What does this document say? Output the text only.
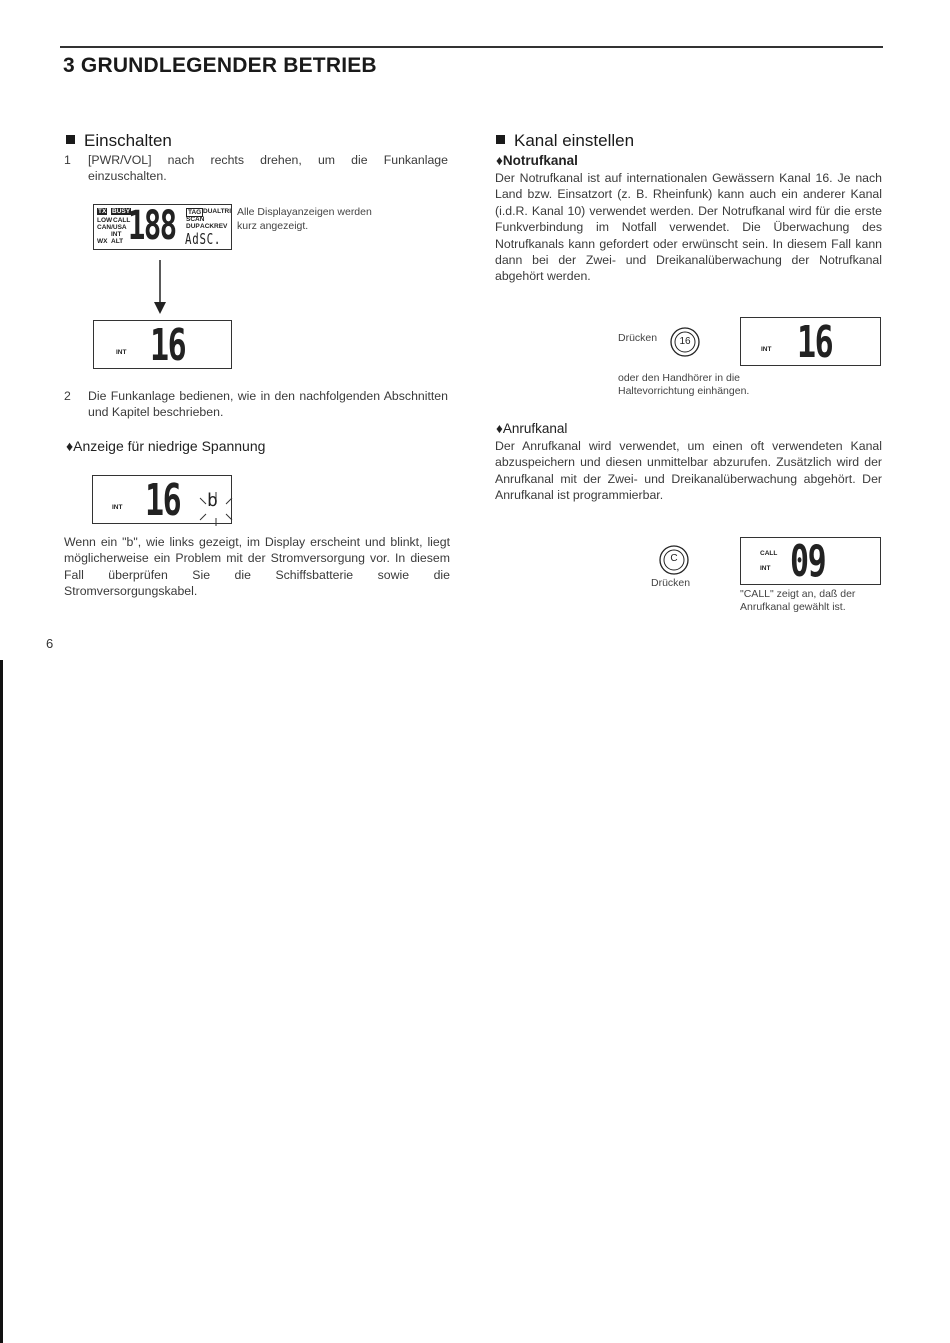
3 GRUNDLEGENDER BETRIEB
Einschalten
1	[PWR/VOL] nach rechts drehen, um die Funkanlage einzuschalten.
TX BUSY
LOW CALL
CAN/USA
INT
WX ALT 188	TAG DUALTRI
SCAN
DUP ACK REV
AdSC.
Alle Displayanzeigen werden kurz angezeigt.
INT 16
2	Die Funkanlage bedienen, wie in den nachfolgenden Abschnitten und Kapitel beschrieben.
♦Anzeige für niedrige Spannung
INT 16 b
Wenn ein "b", wie links gezeigt, im Display erscheint und blinkt, liegt möglicherweise ein Problem mit der Stromversorgung vor. In diesem Fall überprüfen Sie die Schiffsbatterie sowie die Stromversorgungskabel.
6
Kanal einstellen
♦Notrufkanal
Der Notrufkanal ist auf internationalen Gewässern Kanal 16. Je nach Land bzw. Einsatzort (z. B. Rheinfunk) kann auch ein anderer Kanal (i.d.R. Kanal 10) verwendet werden. Der Notrufkanal wird für die erste Funkverbindung im Notfall verwendet. Die Überwachung des Notrufkanals kann gefordert oder erwünscht sein. In diesem Fall kann dann bei der Zwei- und Dreikanalüberwachung der Notrufkanal abgehört werden.
Drücken	16
INT 16
oder den Handhörer in die Haltevorrichtung einhängen.
♦Anrufkanal
Der Anrufkanal wird verwendet, um einen oft verwendeten Kanal abzuspeichern und diesen unmittelbar abzurufen. Zusätzlich wird der Anrufkanal mit der Zwei- und Dreikanalüberwachung abgehört. Der Anrufkanal ist programmierbar.
C
Drücken
CALL
INT 09
"CALL" zeigt an, daß der Anrufkanal gewählt ist.
